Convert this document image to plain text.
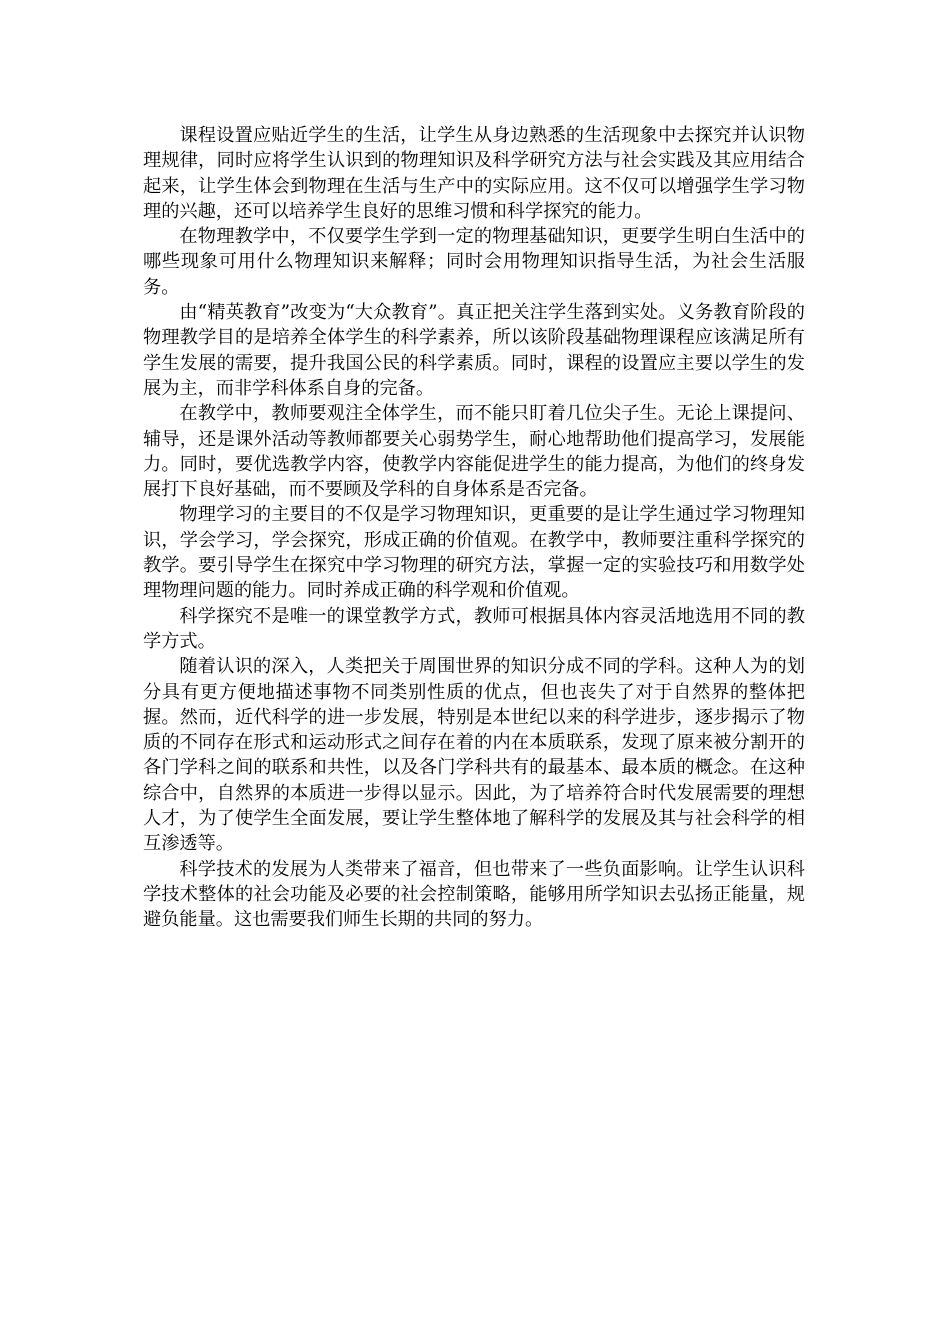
课程设置应贴近学生的生活，让学生从身边熟悉的生活现象中去探究并认识物理规律，同时应将学生认识到的物理知识及科学研究方法与社会实践及其应用结合起来，让学生体会到物理在生活与生产中的实际应用。这不仅可以增强学生学习物理的兴趣，还可以培养学生良好的思维习惯和科学探究的能力。

在物理教学中，不仅要学生学到一定的物理基础知识，更要学生明白生活中的哪些现象可用什么物理知识来解释；同时会用物理知识指导生活，为社会生活服务。

由“精英教育”改变为“大众教育”。真正把关注学生落到实处。义务教育阶段的物理教学目的是培养全体学生的科学素养，所以该阶段基础物理课程应该满足所有学生发展的需要，提升我国公民的科学素质。同时，课程的设置应主要以学生的发展为主，而非学科体系自身的完备。

在教学中，教师要观注全体学生，而不能只盯着几位尖子生。无论上课提问、辅导，还是课外活动等教师都要关心弱势学生，耐心地帮助他们提高学习，发展能力。同时，要优选教学内容，使教学内容能促进学生的能力提高，为他们的终身发展打下良好基础，而不要顾及学科的自身体系是否完备。

物理学习的主要目的不仅是学习物理知识，更重要的是让学生通过学习物理知识，学会学习，学会探究，形成正确的价值观。在教学中，教师要注重科学探究的教学。要引导学生在探究中学习物理的研究方法，掌握一定的实验技巧和用数学处理物理问题的能力。同时养成正确的科学观和价值观。

科学探究不是唯一的课堂教学方式，教师可根据具体内容灵活地选用不同的教学方式。

随着认识的深入，人类把关于周围世界的知识分成不同的学科。这种人为的划分具有更方便地描述事物不同类别性质的优点，但也丧失了对于自然界的整体把握。然而，近代科学的进一步发展，特别是本世纪以来的科学进步，逐步揭示了物质的不同存在形式和运动形式之间存在着的内在本质联系，发现了原来被分割开的各门学科之间的联系和共性，以及各门学科共有的最基本、最本质的概念。在这种综合中，自然界的本质进一步得以显示。因此，为了培养符合时代发展需要的理想人才，为了使学生全面发展，要让学生整体地了解科学的发展及其与社会科学的相互渗透等。

科学技术的发展为人类带来了福音，但也带来了一些负面影响。让学生认识科学技术整体的社会功能及必要的社会控制策略，能够用所学知识去弘扬正能量，规避负能量。这也需要我们师生长期的共同的努力。
